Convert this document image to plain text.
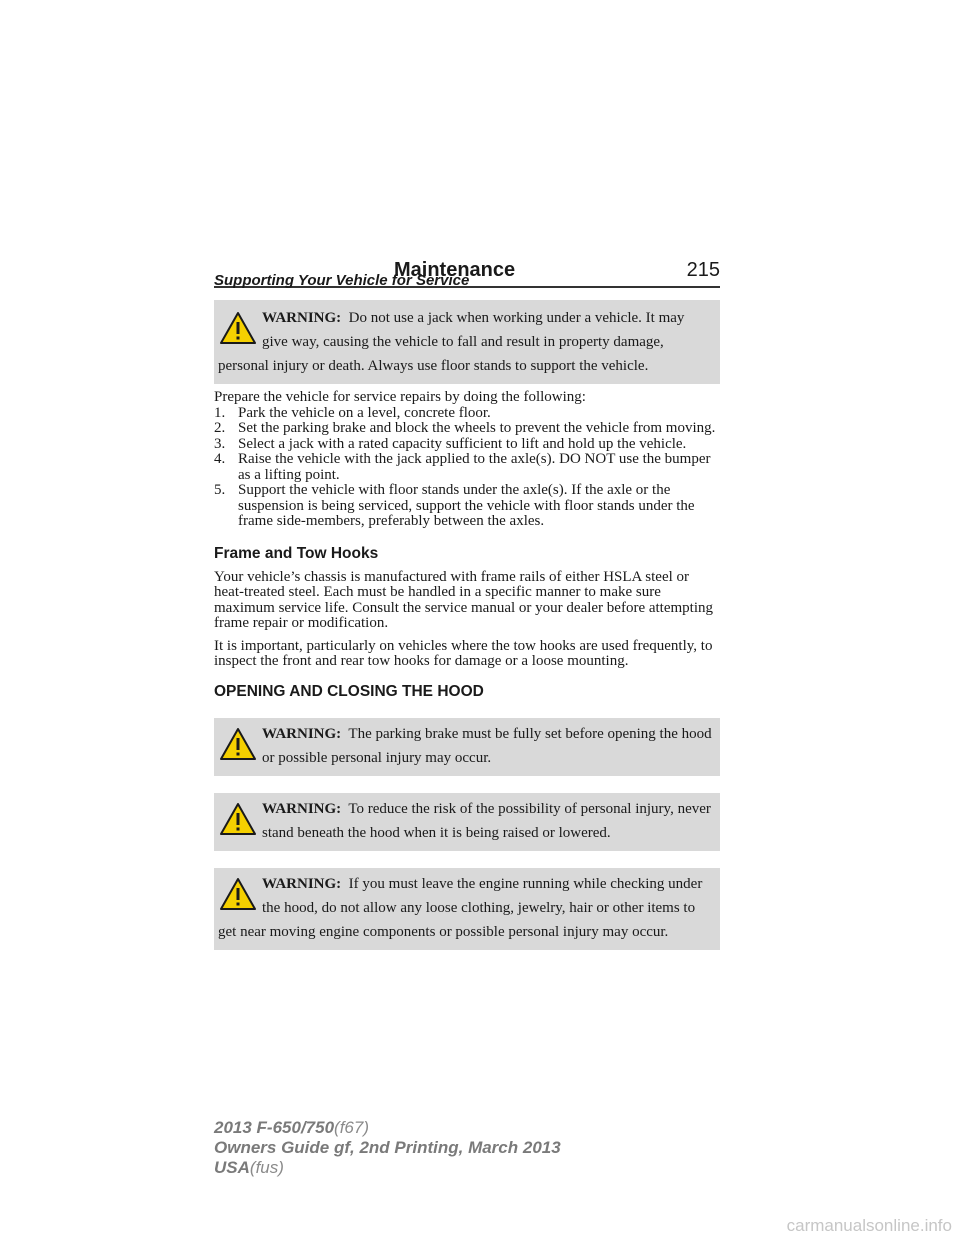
Maintenance	215
Supporting Your Vehicle for Service
WARNING:  Do not use a jack when working under a vehicle. It may give way, causing the vehicle to fall and result in property damage, personal injury or death. Always use floor stands to support the vehicle.

Prepare the vehicle for service repairs by doing the following:

1. Park the vehicle on a level, concrete floor.
2. Set the parking brake and block the wheels to prevent the vehicle from moving.
3. Select a jack with a rated capacity sufficient to lift and hold up the vehicle.
4. Raise the vehicle with the jack applied to the axle(s). DO NOT use the bumper as a lifting point.
5. Support the vehicle with floor stands under the axle(s). If the axle or the suspension is being serviced, support the vehicle with floor stands under the frame side-members, preferably between the axles.
Frame and Tow Hooks

Your vehicle’s chassis is manufactured with frame rails of either HSLA steel or heat-treated steel. Each must be handled in a specific manner to make sure maximum service life. Consult the service manual or your dealer before attempting frame repair or modification.

It is important, particularly on vehicles where the tow hooks are used frequently, to inspect the front and rear tow hooks for damage or a loose mounting.

OPENING AND CLOSING THE HOOD
WARNING:  The parking brake must be fully set before opening the hood or possible personal injury may occur.
WARNING:  To reduce the risk of the possibility of personal injury, never stand beneath the hood when it is being raised or lowered.
WARNING:  If you must leave the engine running while checking under the hood, do not allow any loose clothing, jewelry, hair or other items to get near moving engine components or possible personal injury may occur.
2013 F-650/750(f67)
Owners Guide gf, 2nd Printing, March 2013
USA(fus)
carmanualsonline.info
